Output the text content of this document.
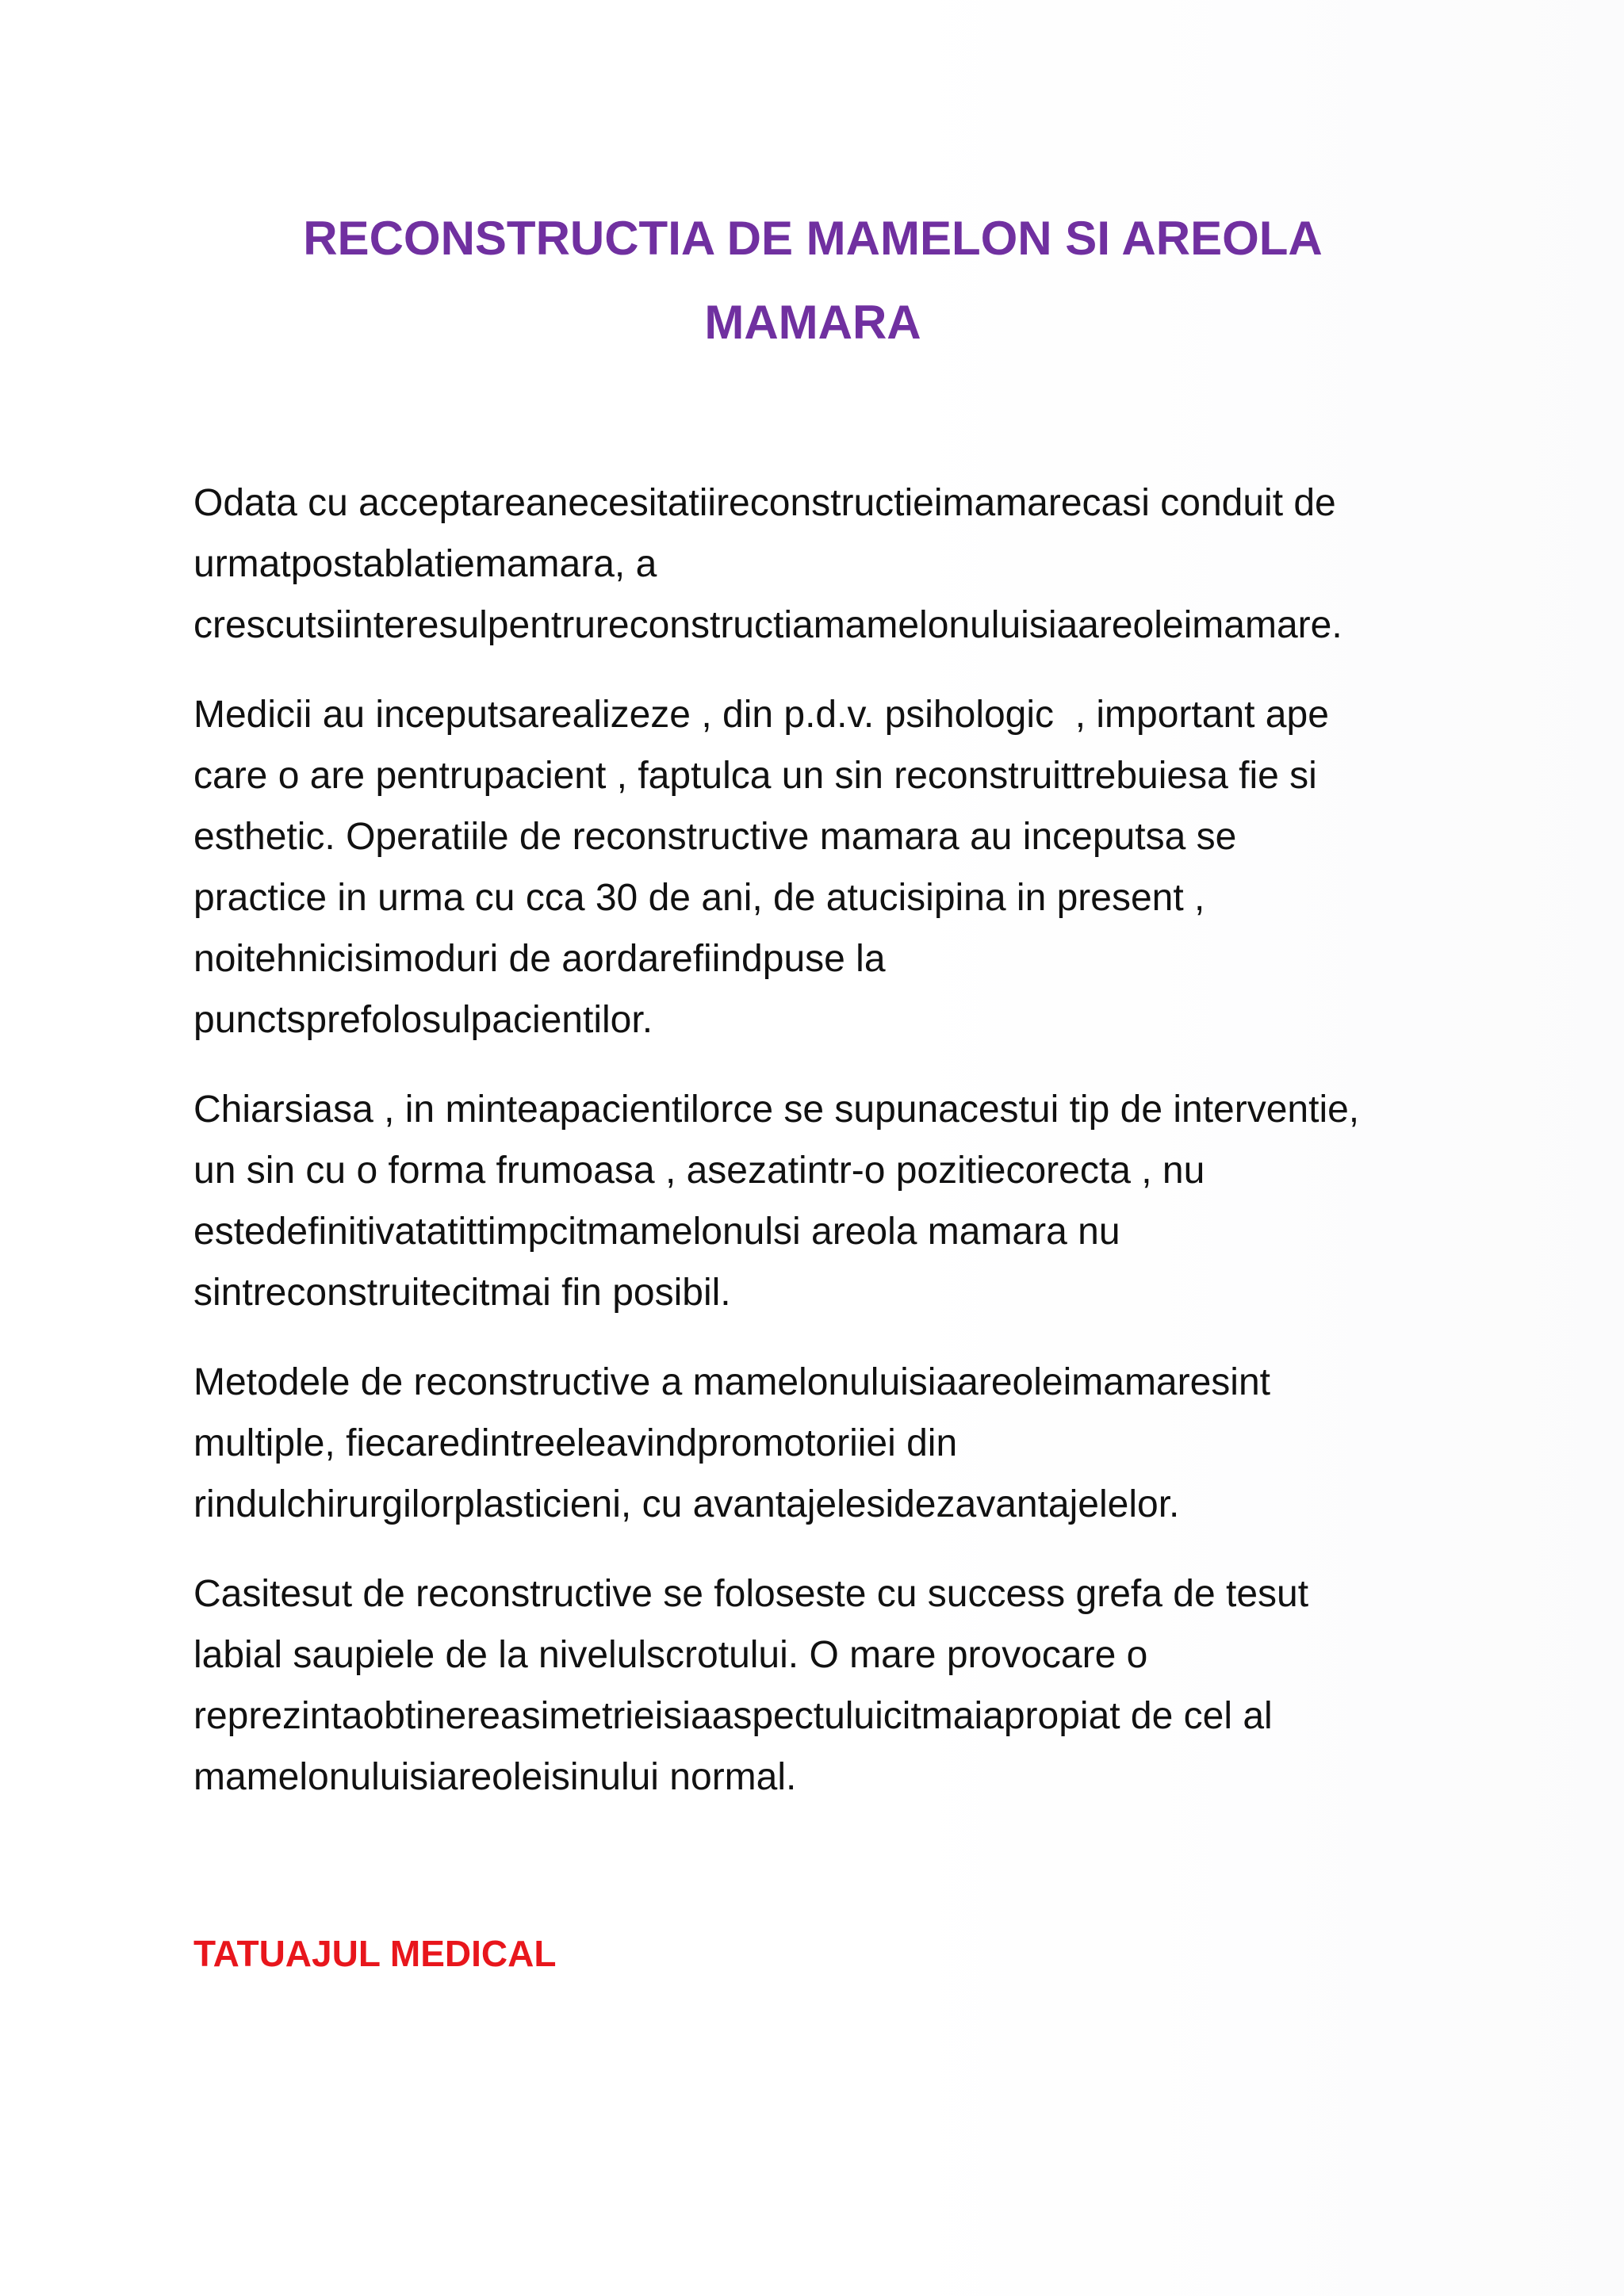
RECONSTRUCTIA DE MAMELON SI AREOLA
MAMARA

Odata cu acceptareanecesitatiireconstructieimamarecasi conduit de
urmatpostablatiemamara, a
crescutsiinteresulpentrureconstructiamamelonuluisiaareoleimamare.

Medicii au inceputsarealizeze , din p.d.v. psihologic  , important ape
care o are pentrupacient , faptulca un sin reconstruittrebuiesa fie si
esthetic. Operatiile de reconstructive mamara au inceputsa se
practice in urma cu cca 30 de ani, de atucisipina in present ,
noitehnicisimoduri de aordarefiindpuse la
punctsprefolosulpacientilor.

Chiarsiasa , in minteapacientilorce se supunacestui tip de interventie,
un sin cu o forma frumoasa , asezatintr-o pozitiecorecta , nu
estedefinitivatatittimpcitmamelonulsi areola mamara nu
sintreconstruitecitmai fin posibil.

Metodele de reconstructive a mamelonuluisiaareoleimamaresint
multiple, fiecaredintreeleavindpromotoriiei din
rindulchirurgilorplasticieni, cu avantajelesidezavantajelelor.

Casitesut de reconstructive se foloseste cu success grefa de tesut
labial saupiele de la nivelulscrotului. O mare provocare o
reprezintaobtinereasimetrieisiaaspectuluicitmaiapropiat de cel al
mamelonuluisiareoleisinului normal.

TATUAJUL MEDICAL
